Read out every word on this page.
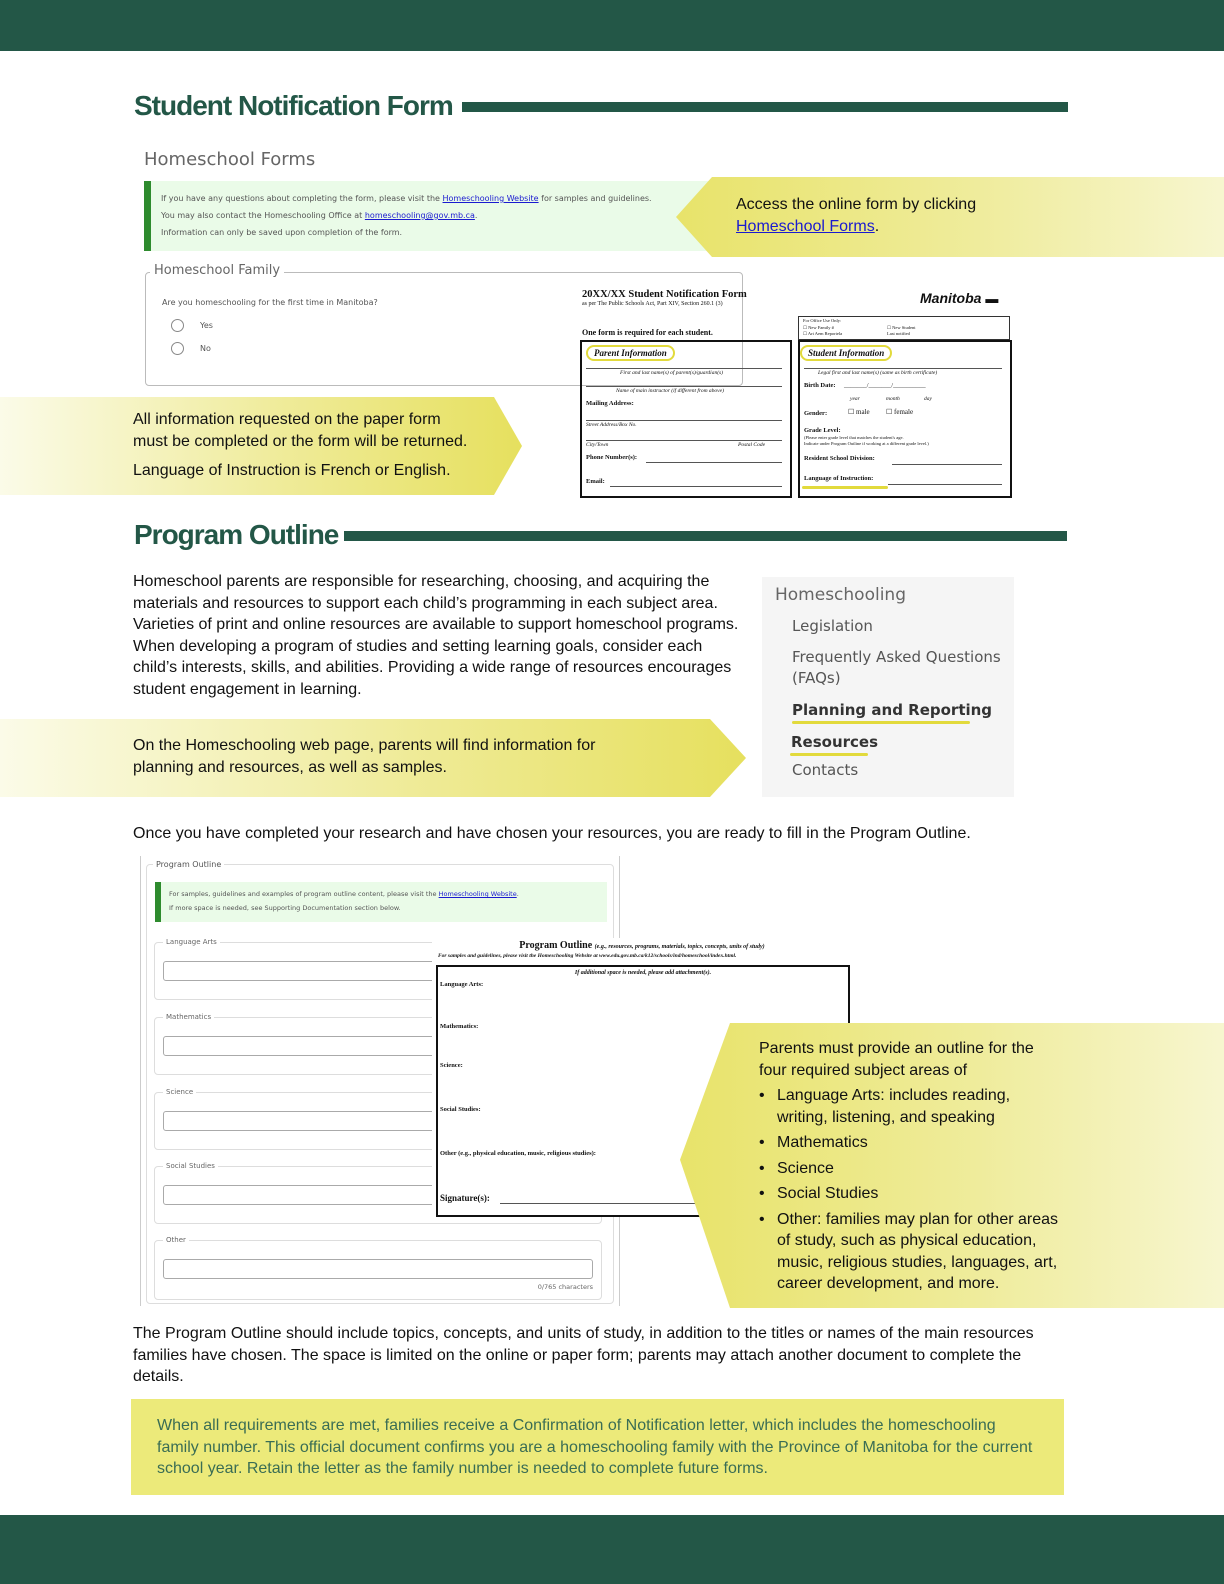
Student Notification Form
Homeschool Forms
If you have any questions about completing the form, please visit the Homeschooling Website for samples and guidelines.
You may also contact the Homeschooling Office at homeschooling@gov.mb.ca.
Information can only be saved upon completion of the form.
Homeschool Family
Are you homeschooling for the first time in Manitoba?
Yes
No
Access the online form by clicking
Homeschool Forms.
20XX/XX Student Notification Form
as per The Public Schools Act, Part XIV, Section 260.1 (3)	Manitoba ▬
One form is required for each student.
For Office Use Only:
☐ New Family #	☐ New Student
☐ Art Aem Reportela	Last notified
Parent Information
First and last name(s) of parent(s)/guardian(s)
Name of main instructor (if different from above)
Mailing Address:
Street Address/Box No.
City/Town	Postal Code
Phone Number(s):
Email:
Student Information
Legal first and last name(s) (same as birth certificate)
Birth Date: _______/_______/__________
year	month	day
Gender:	☐ male ☐ female
Grade Level:
(Please enter grade level that matches the student's age.
Indicate under Program Outline if working at a different grade level.)
Resident School Division:
Language of Instruction:
All information requested on the paper form
must be completed or the form will be returned.
Language of Instruction is French or English.
Program Outline

Homeschool parents are responsible for researching, choosing, and acquiring the materials and resources to support each child’s programming in each subject area. Varieties of print and online resources are available to support homeschool programs. When developing a program of studies and setting learning goals, consider each child’s interests, skills, and abilities. Providing a wide range of resources encourages student engagement in learning.

Homeschooling
Legislation
Frequently Asked Questions (FAQs)
Planning and Reporting
Resources
Contacts
On the Homeschooling web page, parents will find information for
planning and resources, as well as samples.

Once you have completed your research and have chosen your resources, you are ready to fill in the Program Outline.

Program Outline
For samples, guidelines and examples of program outline content, please visit the Homeschooling Website.
If more space is needed, see Supporting Documentation section below.
Language Arts
Mathematics
Science
Social Studies
Other
0/765 characters
Program Outline (e.g., resources, programs, materials, topics, concepts, units of study)
For samples and guidelines, please visit the Homeschooling Website at www.edu.gov.mb.ca/k12/schools/ind/homeschool/index.html.
If additional space is needed, please add attachment(s).
Language Arts:
Mathematics:
Science:
Social Studies:
Other (e.g., physical education, music, religious studies):
Signature(s):
Parents must provide an outline for the four required subject areas of
• Language Arts: includes reading, writing, listening, and speaking
• Mathematics
• Science
• Social Studies
• Other: families may plan for other areas of study, such as physical education, music, religious studies, languages, art, career development, and more.

The Program Outline should include topics, concepts, and units of study, in addition to the titles or names of the main resources families have chosen. The space is limited on the online or paper form; parents may attach another document to complete the details.

When all requirements are met, families receive a Confirmation of Notification letter, which includes the homeschooling family number. This official document confirms you are a homeschooling family with the Province of Manitoba for the current school year. Retain the letter as the family number is needed to complete future forms.
